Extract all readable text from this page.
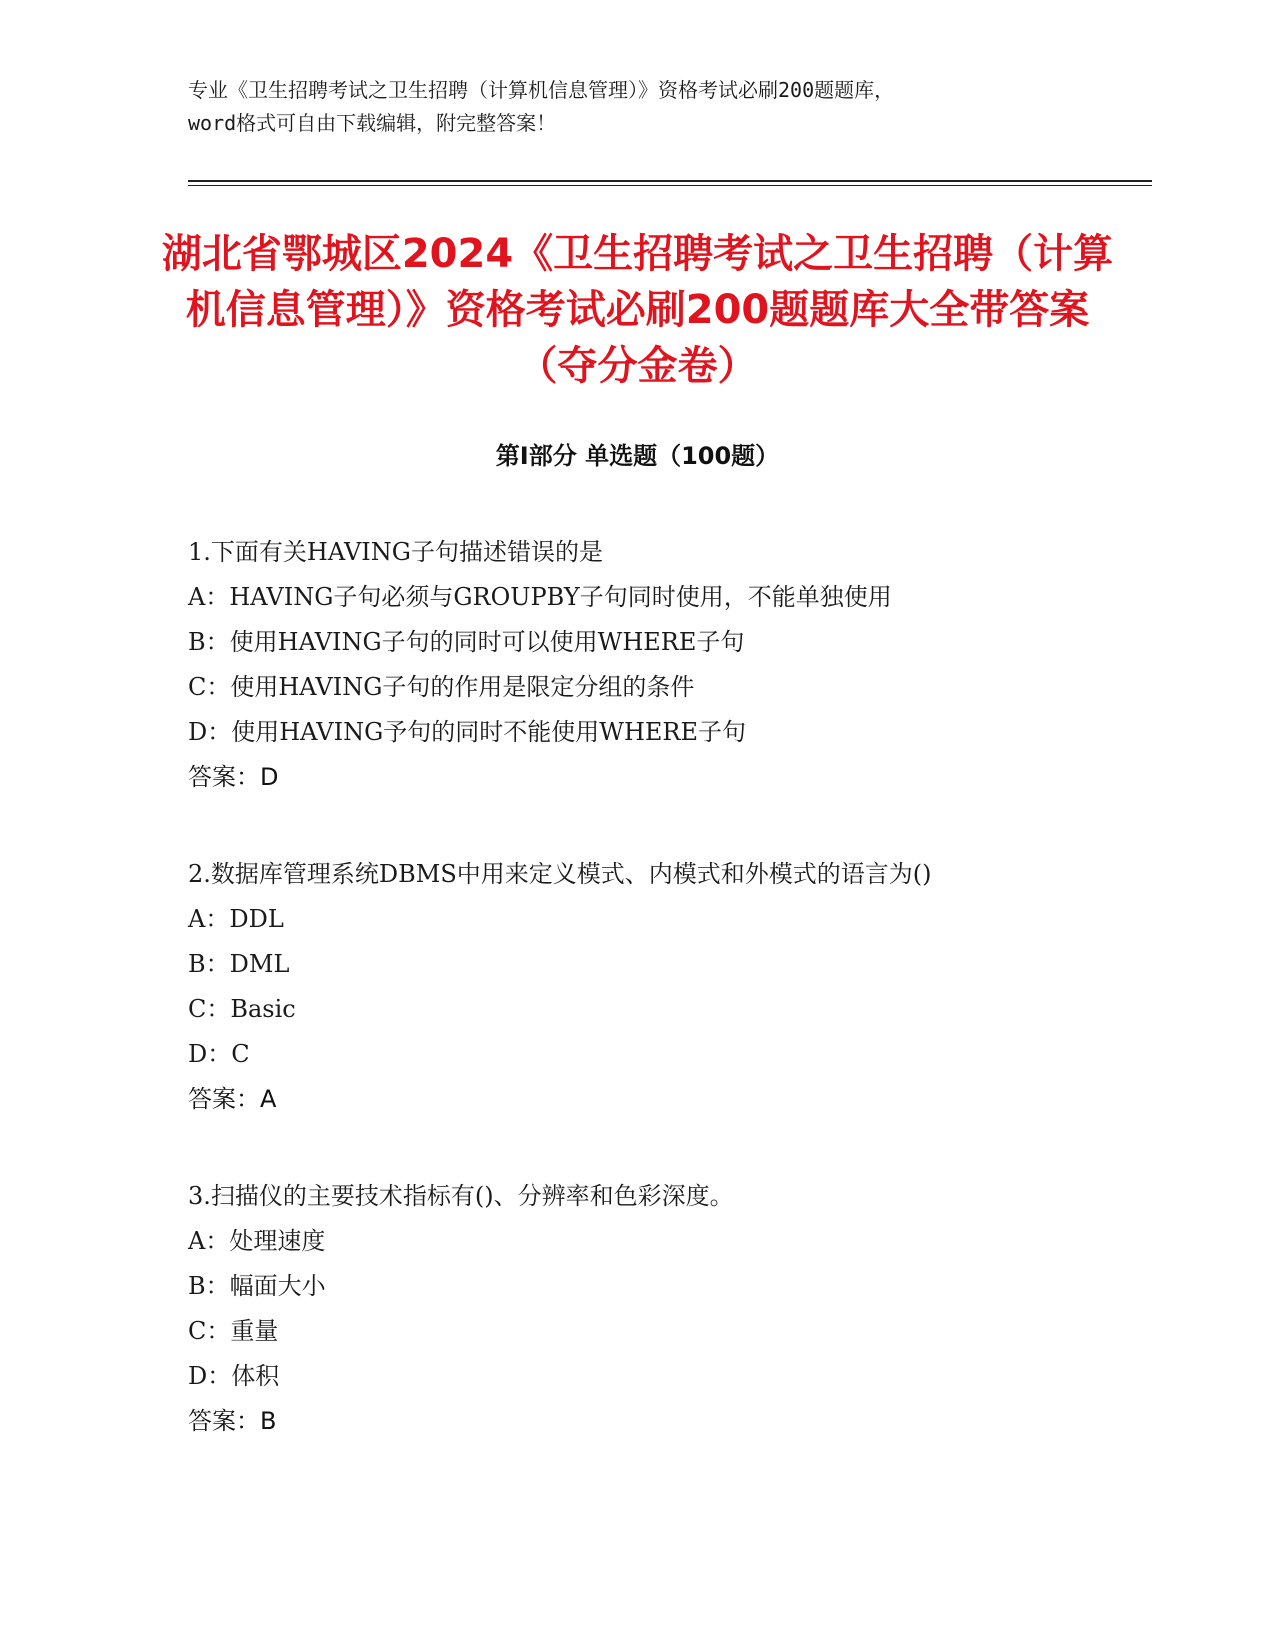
专业《卫生招聘考试之卫生招聘（计算机信息管理）》资格考试必刷200题题库，
word格式可自由下载编辑，附完整答案！
湖北省鄂城区2024《卫生招聘考试之卫生招聘（计算机信息管理）》资格考试必刷200题题库大全带答案（夺分金卷）
第Ⅰ部分 单选题（100题）
1.下面有关HAVING子句描述错误的是
A：HAVING子句必须与GROUPBY子句同时使用，不能单独使用
B：使用HAVING子句的同时可以使用WHERE子句
C：使用HAVING子句的作用是限定分组的条件
D：使用HAVING予句的同时不能使用WHERE子句
答案：D
2.数据库管理系统DBMS中用来定义模式、内模式和外模式的语言为()
A：DDL
B：DML
C：Basic
D：C
答案：A
3.扫描仪的主要技术指标有()、分辨率和色彩深度。
A：处理速度
B：幅面大小
C：重量
D：体积
答案：B
